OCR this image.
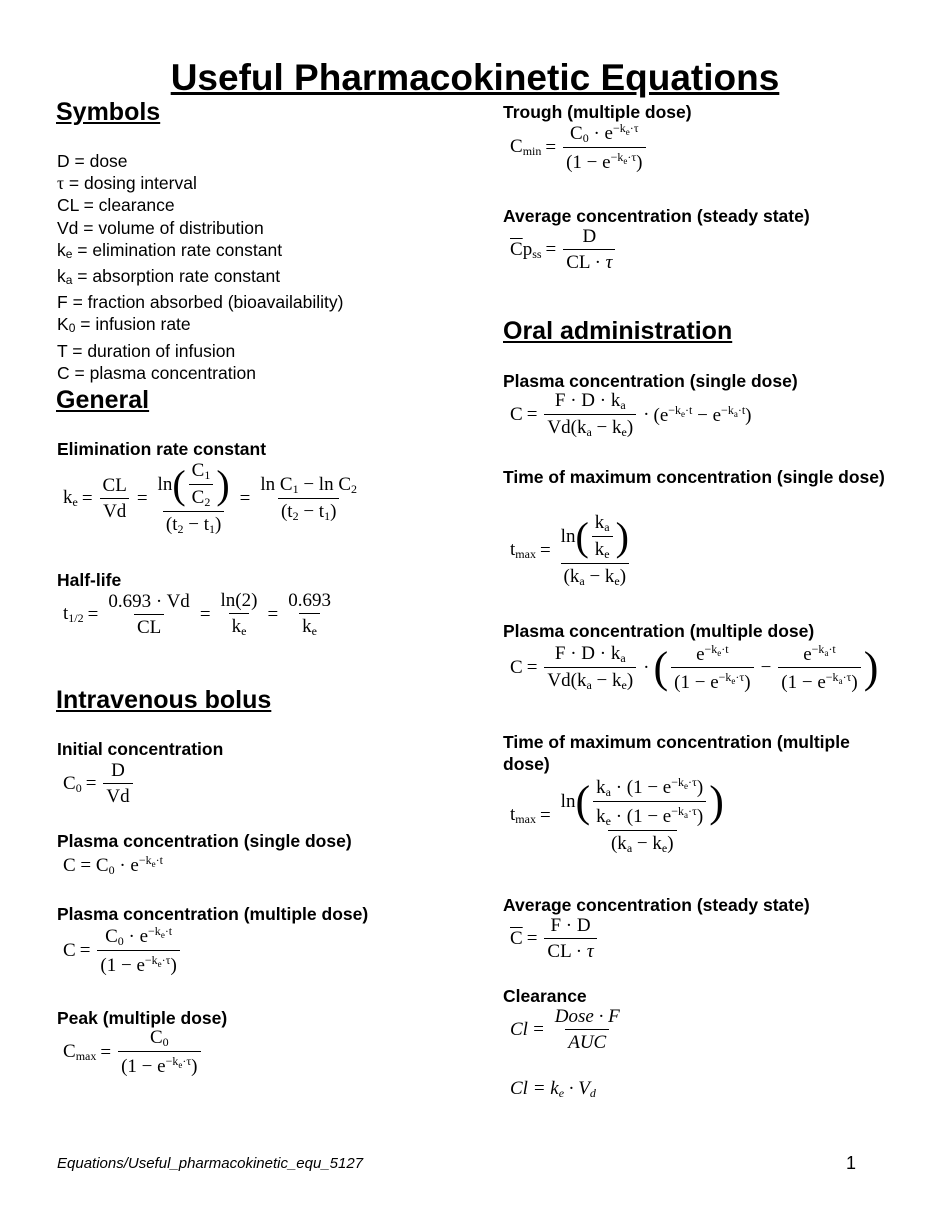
Useful Pharmacokinetic Equations
Symbols
D = dose
τ = dosing interval
CL = clearance
Vd = volume of distribution
$k_e$ = elimination rate constant
$k_a$ = absorption rate constant
F = fraction absorbed (bioavailability)
$K_0$ = infusion rate
T = duration of infusion
C = plasma concentration
General
Elimination rate constant
$k_e = \frac{CL}{Vd} = \frac{\ln ( \frac{C_1}{C_2} )}{(t_2 - t_1)} = \frac{\ln C_1 - \ln C_2}{(t_2 - t_1)}$
Half-life
$t_{1/2} = \frac{0.693 \cdot Vd}{CL} = \frac{\ln(2)}{k_e} = \frac{0.693}{k_e}$
Intravenous bolus
Initial concentration
$C_0 = \frac{D}{Vd}$
Plasma concentration (single dose)
$C = C_0 \cdot e^{-k_e\cdot t}$
Plasma concentration (multiple dose)
$C = \frac{C_0 \cdot e^{-k_e\cdot t}}{(1 - e^{-k_e\cdot\tau})}$
Peak (multiple dose)
$C_{max} = \frac{C_0}{(1 - e^{-k_e\cdot\tau})}$
Trough (multiple dose)
$C_{min} = \frac{C_0 \cdot e^{-k_e\cdot\tau}}{(1 - e^{-k_e\cdot\tau})}$
Average concentration (steady state)
$\overline{C}p_{ss} = \frac{D}{CL \cdot \tau}$
Oral administration
Plasma concentration (single dose)
$C = \frac{F \cdot D \cdot k_a}{Vd(k_a - k_e)} \cdot (e^{-k_e\cdot t} - e^{-k_a\cdot t})$
Time of maximum concentration (single dose)
$t_{max} = \frac{\ln ( \frac{k_a}{k_e} )}{(k_a - k_e)}$
Plasma concentration (multiple dose)
$C = \frac{F \cdot D \cdot k_a}{Vd(k_a - k_e)}$ · ( $\frac{e^{-k_e\cdot t}}{(1 - e^{-k_e\cdot\tau})} - \frac{e^{-k_a\cdot t}}{(1 - e^{-k_a\cdot\tau})}$ )
Time of maximum concentration (multiple dose)
$t_{max} = \frac{\ln ( \frac{k_a \cdot (1 - e^{-k_e\cdot\tau})}{k_e \cdot (1 - e^{-k_a\cdot\tau})} )}{(k_a - k_e)}$
Average concentration (steady state)
$\overline{C} = \frac{F \cdot D}{CL \cdot \tau}$
Clearance
$Cl = \frac{\text{Dose · F}}{\text{AUC}}$
$Cl = k_e \cdot V_d$
Equations/Useful_pharmacokinetic_equ_5127	1
